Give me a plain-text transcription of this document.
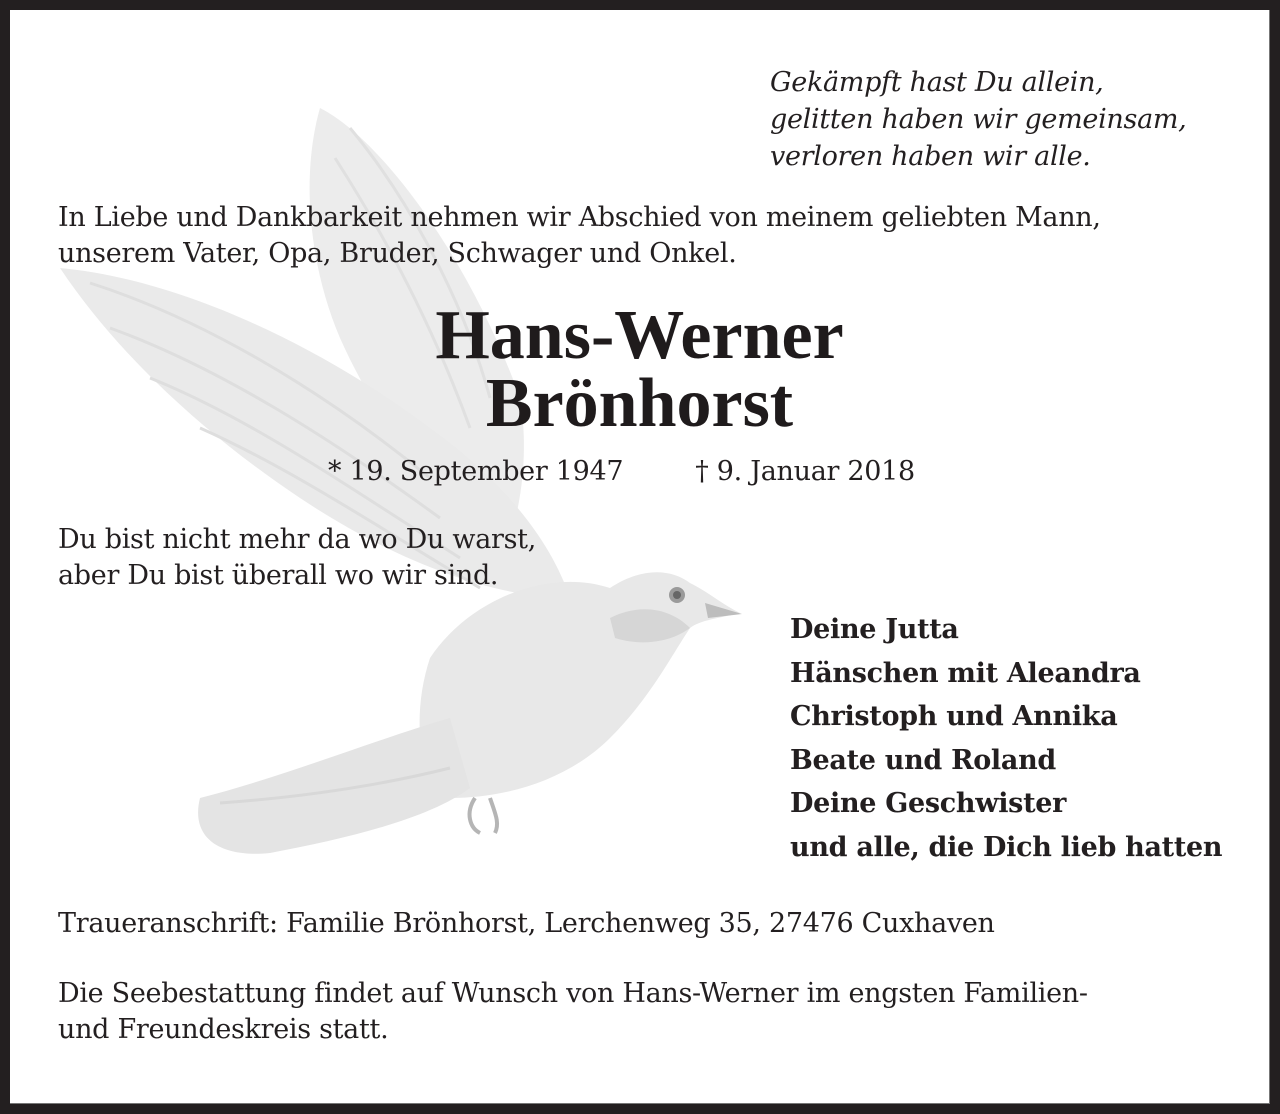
Gekämpft hast Du allein,
gelitten haben wir gemeinsam,
verloren haben wir alle.
In Liebe und Dankbarkeit nehmen wir Abschied von meinem geliebten Mann,
unserem Vater, Opa, Bruder, Schwager und Onkel.
Hans-Werner
Brönhorst
* 19. September 1947	† 9. Januar 2018
Du bist nicht mehr da wo Du warst,
aber Du bist überall wo wir sind.
Deine Jutta
Hänschen mit Aleandra
Christoph und Annika
Beate und Roland
Deine Geschwister
und alle, die Dich lieb hatten
Traueranschrift: Familie Brönhorst, Lerchenweg 35, 27476 Cuxhaven
Die Seebestattung findet auf Wunsch von Hans-Werner im engsten Familien-
und Freundeskreis statt.
